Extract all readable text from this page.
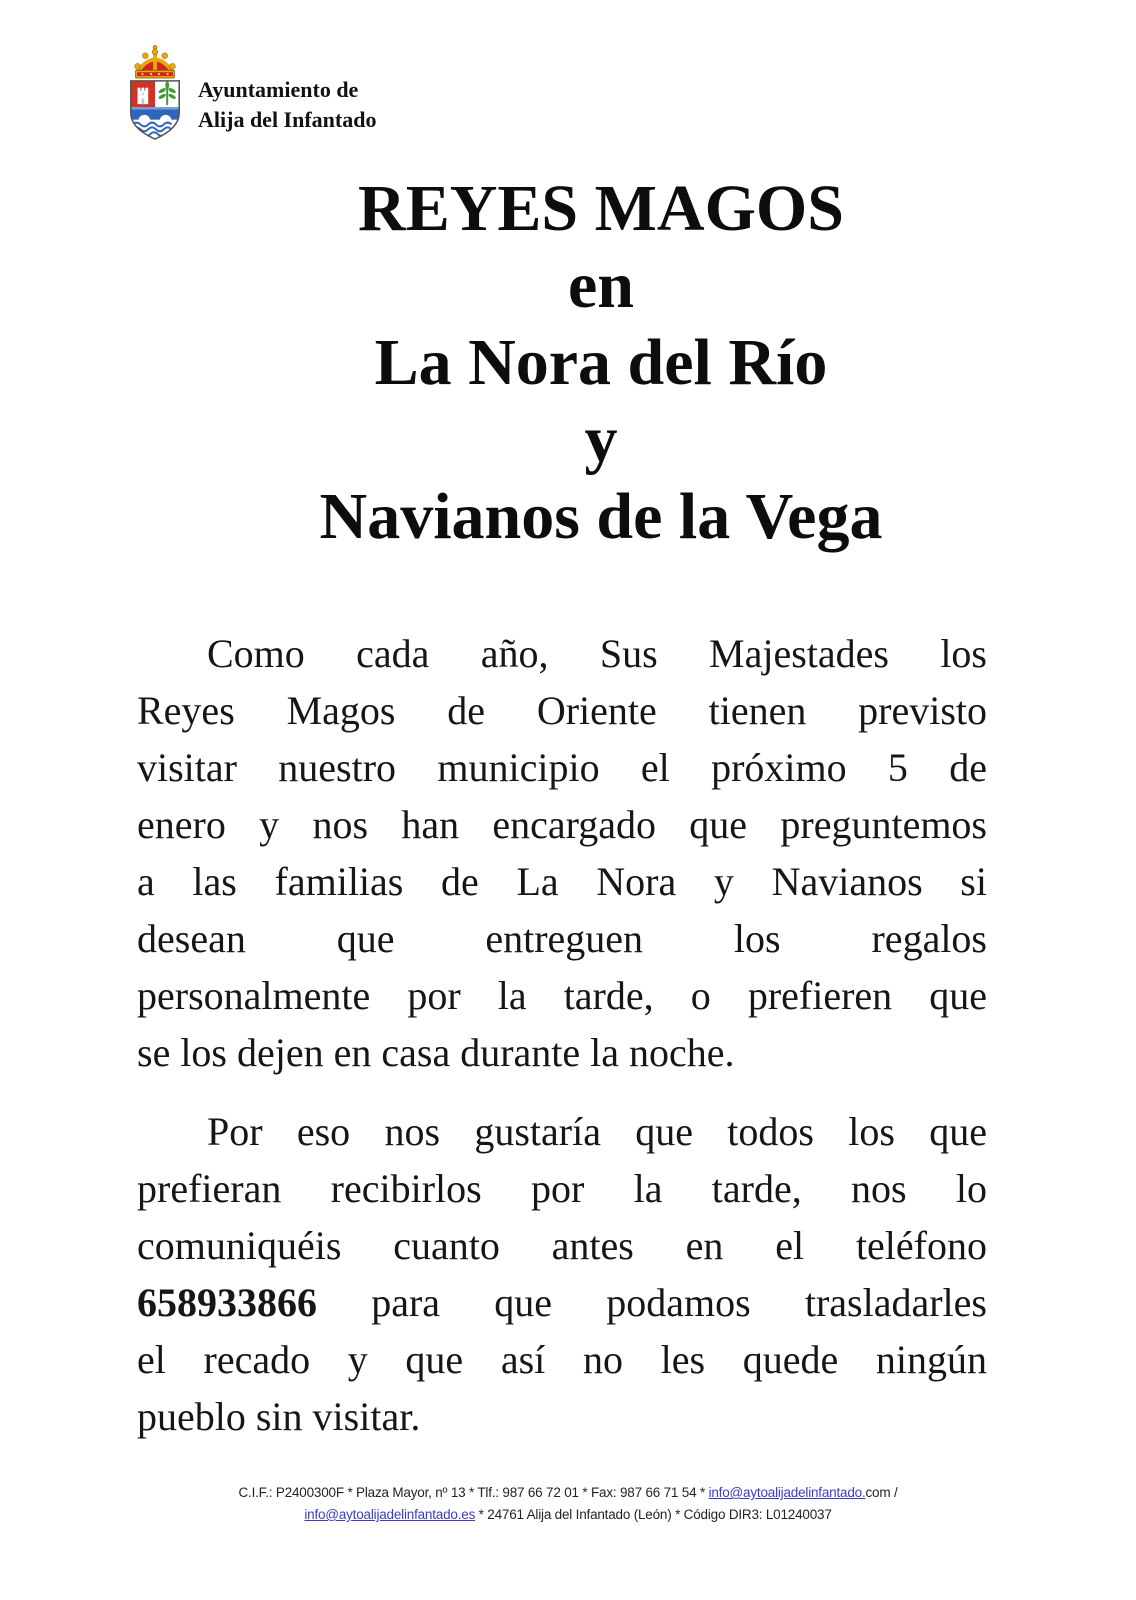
Ayuntamiento de
Alija del Infantado
REYES MAGOS
en
La Nora del Río
y
Navianos de la Vega
Como cada año, Sus Majestades los
Reyes Magos de Oriente tienen previsto
visitar nuestro municipio el próximo 5 de
enero y nos han encargado que preguntemos
a las familias de La Nora y Navianos si
desean que entreguen los regalos
personalmente por la tarde, o prefieren que
se los dejen en casa durante la noche.
Por eso nos gustaría que todos los que
prefieran recibirlos por la tarde, nos lo
comuniquéis cuanto antes en el teléfono
658933866 para que podamos trasladarles
el recado y que así no les quede ningún
pueblo sin visitar.
C.I.F.: P2400300F * Plaza Mayor, nº 13 * Tlf.: 987 66 72 01 * Fax: 987 66 71 54 * info@aytoalijadelinfantado.com /
info@aytoalijadelinfantado.es * 24761 Alija del Infantado (León) * Código DIR3: L01240037
